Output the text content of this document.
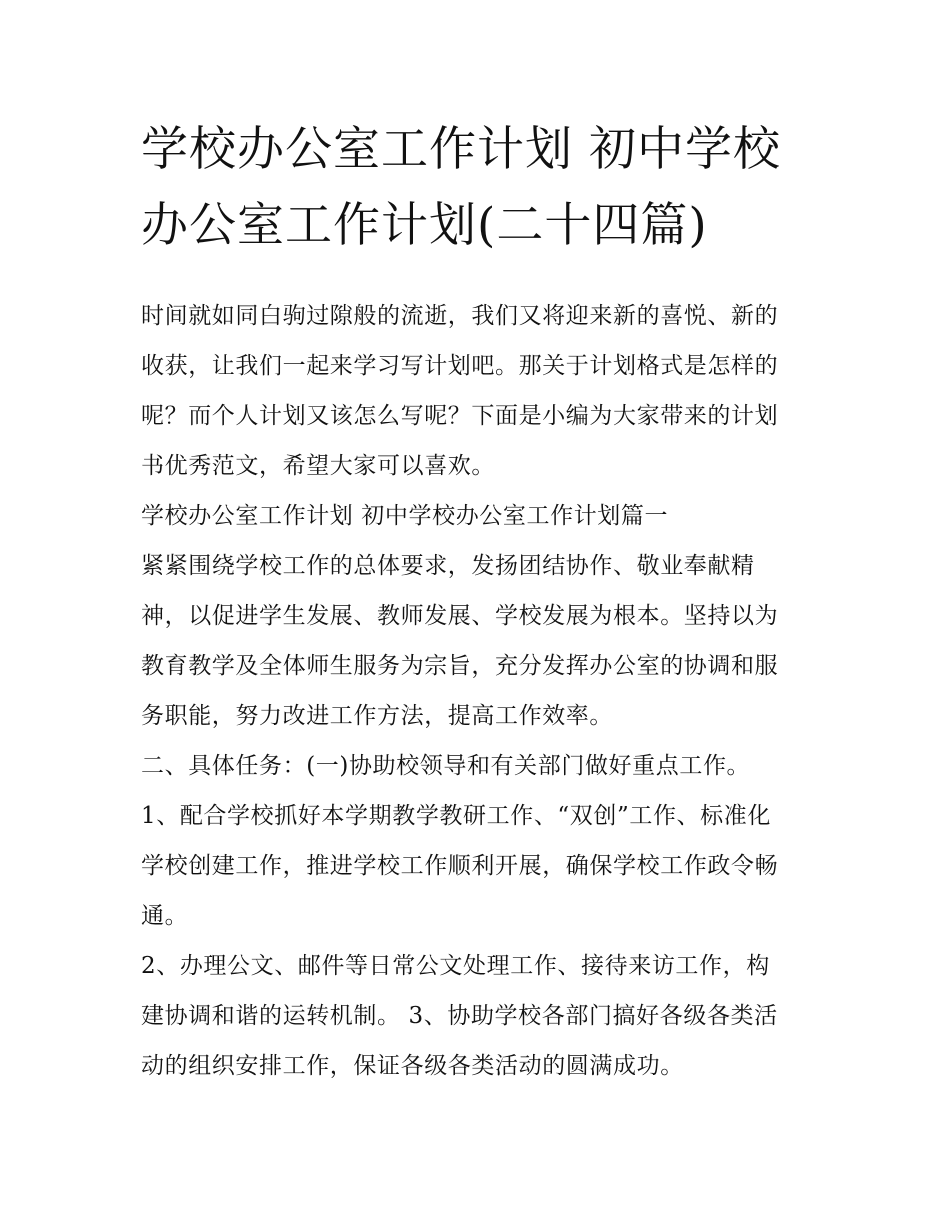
学校办公室工作计划 初中学校
办公室工作计划(二十四篇)

时间就如同白驹过隙般的流逝，我们又将迎来新的喜悦、新的
收获，让我们一起来学习写计划吧。那关于计划格式是怎样的
呢？而个人计划又该怎么写呢？下面是小编为大家带来的计划
书优秀范文，希望大家可以喜欢。

学校办公室工作计划 初中学校办公室工作计划篇一

紧紧围绕学校工作的总体要求，发扬团结协作、敬业奉献精
神，以促进学生发展、教师发展、学校发展为根本。坚持以为
教育教学及全体师生服务为宗旨，充分发挥办公室的协调和服
务职能，努力改进工作方法，提高工作效率。

二、具体任务：(一)协助校领导和有关部门做好重点工作。

1、配合学校抓好本学期教学教研工作、“双创”工作、标准化
学校创建工作，推进学校工作顺利开展，确保学校工作政令畅
通。

2、办理公文、邮件等日常公文处理工作、接待来访工作，构
建协调和谐的运转机制。 3、协助学校各部门搞好各级各类活
动的组织安排工作，保证各级各类活动的圆满成功。
